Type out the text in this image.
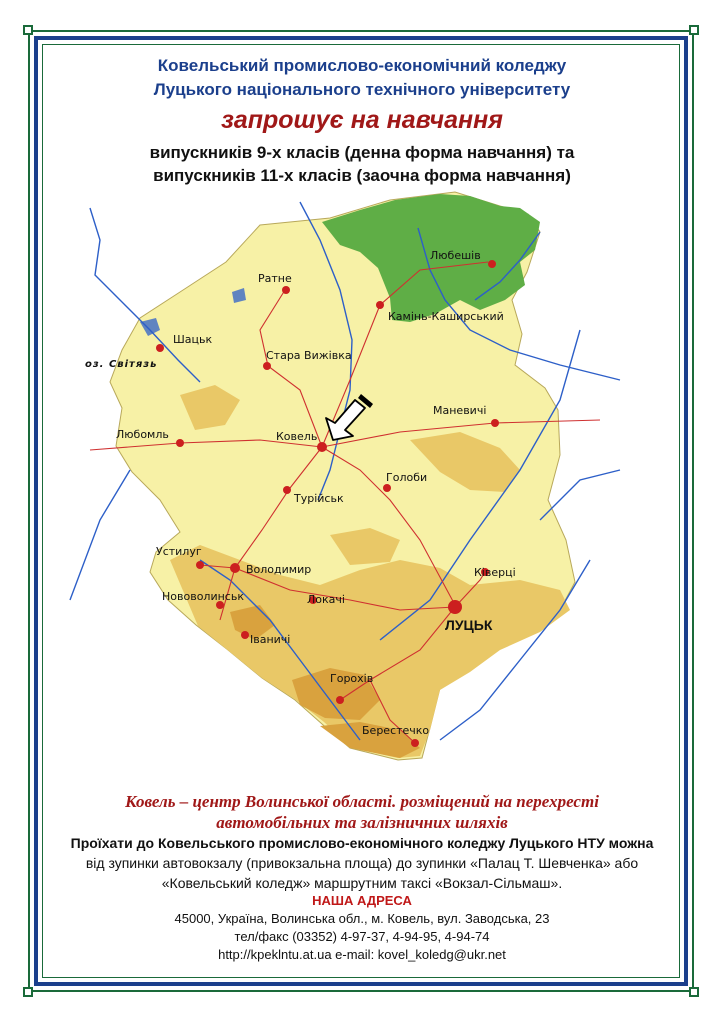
Ковельський промислово-економічний коледжу
Луцького національного технічного університету
запрошує на навчання
випускників 9-х класів (денна форма навчання) та
випускників 11-х класів (заочна форма навчання)
Любешів
Ратне
Камінь-Каширський
Шацьк
оз. Світязь
Стара Вижівка
Маневичі
Любомль	Ковель
Голоби
Турійськ
Устилуг
Володимир	Ківерці
Нововолинськ	Локачі
ЛУЦЬК
Іваничі
Горохів
Берестечко
Ковель – центр Волинської області. розміщений на перехресті
автомобільних та залізничних шляхів
Проїхати до Ковельського промислово-економічного коледжу Луцького НТУ можна
від зупинки автовокзалу (привокзальна площа) до зупинки «Палац Т. Шевченка» або
«Ковельський коледж» маршрутним таксі «Вокзал-Сільмаш».
НАША АДРЕСА
45000, Україна, Волинська обл., м. Ковель, вул. Заводська, 23
тел/факс (03352) 4-97-37, 4-94-95, 4-94-74
http://kpeklntu.at.ua e-mail: kovel_koledg@ukr.net
